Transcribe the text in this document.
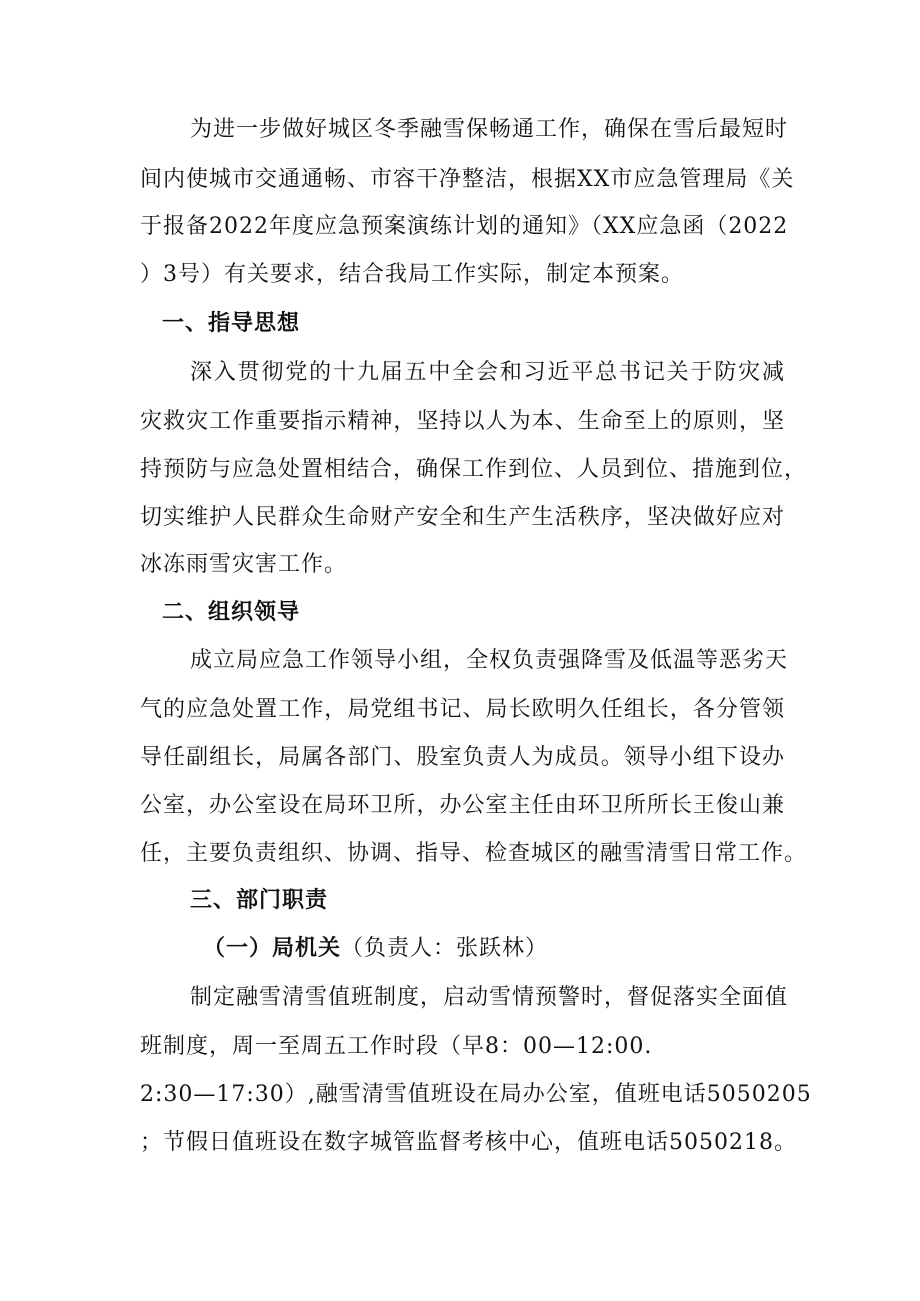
为进一步做好城区冬季融雪保畅通工作，确保在雪后最短时
间内使城市交通通畅、市容干净整洁，根据XX市应急管理局《关
于报备2022年度应急预案演练计划的通知》（XX应急函（2022
）3号）有关要求，结合我局工作实际，制定本预案。
一、指导思想
深入贯彻党的十九届五中全会和习近平总书记关于防灾减
灾救灾工作重要指示精神，坚持以人为本、生命至上的原则，坚
持预防与应急处置相结合，确保工作到位、人员到位、措施到位，
切实维护人民群众生命财产安全和生产生活秩序，坚决做好应对
冰冻雨雪灾害工作。
二、组织领导
成立局应急工作领导小组，全权负责强降雪及低温等恶劣天
气的应急处置工作，局党组书记、局长欧明久任组长，各分管领
导任副组长，局属各部门、股室负责人为成员。领导小组下设办
公室，办公室设在局环卫所，办公室主任由环卫所所长王俊山兼
任，主要负责组织、协调、指导、检查城区的融雪清雪日常工作。
三、部门职责
（一）局机关（负责人：张跃林）
制定融雪清雪值班制度，启动雪情预警时，督促落实全面值
班制度，周一至周五工作时段（早8：00—12:00.
2:30—17:30）,融雪清雪值班设在局办公室，值班电话5050205
；节假日值班设在数字城管监督考核中心，值班电话5050218。
